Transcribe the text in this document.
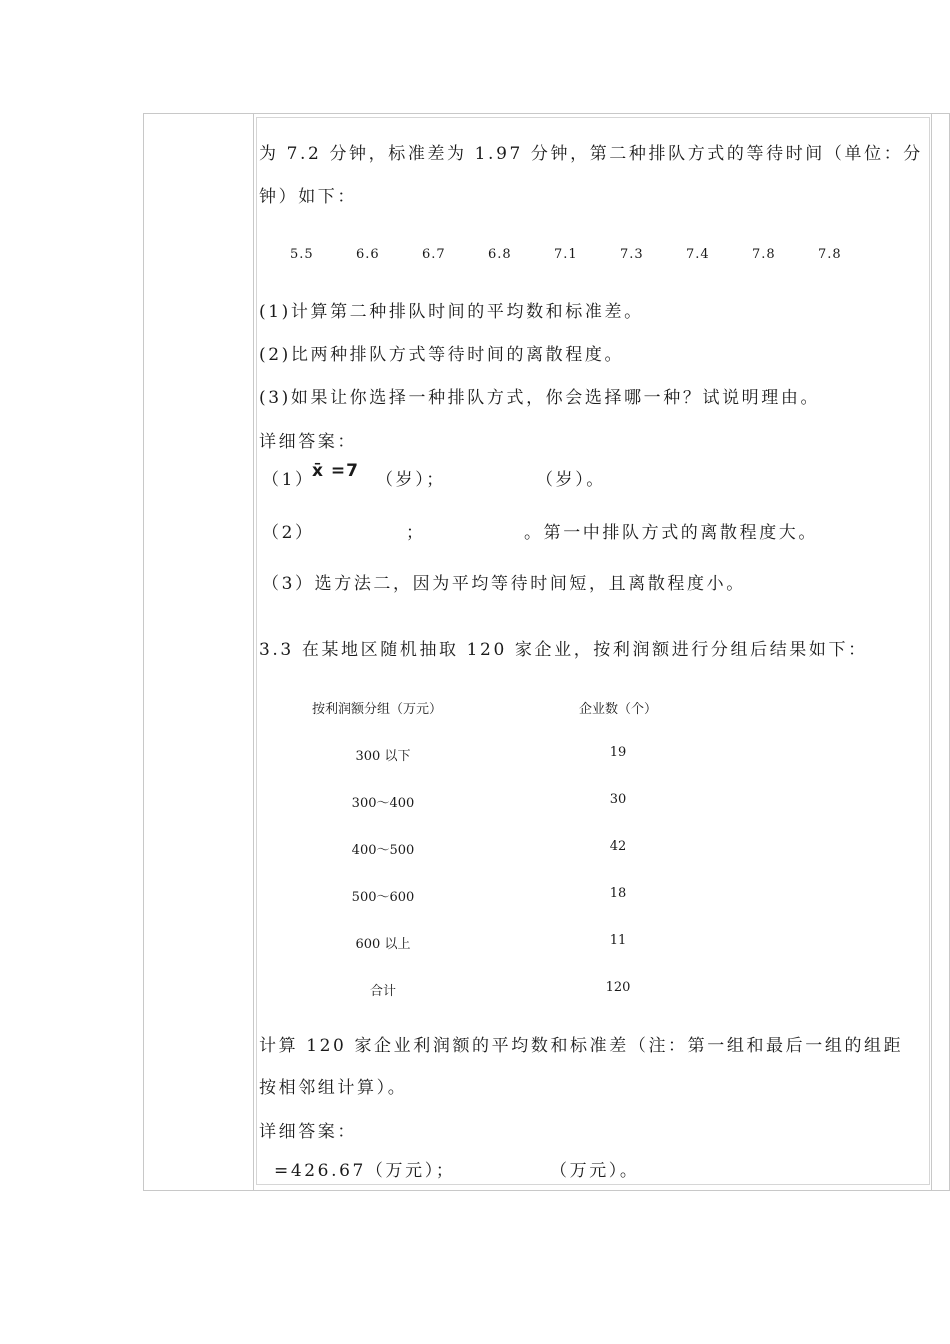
为 7.2 分钟，标准差为 1.97 分钟，第二种排队方式的等待时间（单位：分
钟）如下：
5.5	6.6	6.7	6.8	7.1	7.3	7.4	7.8	7.8
(1)计算第二种排队时间的平均数和标准差。
(2)比两种排队方式等待时间的离散程度。
(3)如果让你选择一种排队方式，你会选择哪一种？试说明理由。
详细答案：
（1）
x̄ =7 （岁）；	（岁）。
（2）	；	。第一中排队方式的离散程度大。
（3）选方法二，因为平均等待时间短，且离散程度小。
3.3 在某地区随机抽取 120 家企业，按利润额进行分组后结果如下：
按利润额分组（万元）	企业数（个）
300 以下	19
300～400	30
400～500	42
500～600	18
600 以上	11
合计	120
计算 120 家企业利润额的平均数和标准差（注：第一组和最后一组的组距
按相邻组计算）。
详细答案：
=426.67（万元）；	（万元）。
